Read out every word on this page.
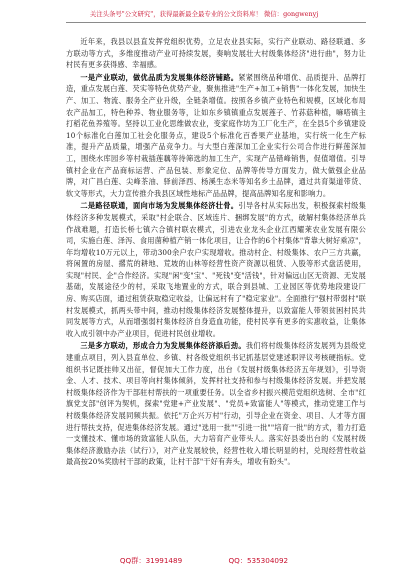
关注头条号"公文研究"，获得最新最全最专业的公文资料库！ 微信：gongwenyj

近年来，我县以县直发挥党组织优势，立足农业县实际，实行产业联动、路径联通、多方联动等方式，多维度推动产业可持续发展，奏响发展壮大村级集体经济"进行曲"，努力让村民有更多获得感、幸福感。

一是产业联动，做优品质为发展集体经济铺路。紧紧围绕品种增优、品质提升、品牌打造，重点发展白莲、芡实等特色优势产业，聚焦推进"生产+加工+销售"一体化发展，加快生产、加工、物流、服务全产业升级，全链条增值。按照各乡镇产业特色和规模，区域化布局农产品加工，特色种养、物业服务等，让如东乡镇镇重点发展莲子、竹荪菇种植，嘛嗒镇主打稻花鱼养殖等。坚持以工业化思维做农业，变家庭作坊为工厂化生产，在全县5个乡镇建设10个标准化白莲加工社会化服务点，建设5个标准化百香果产业基地，实行统一化生产标准，提升产品质量，增强产品竞争力。与大型白莲深加工企业实行公司合作进行鲜莲深加工，围绕水库园乡等村栽插莲藕等待筛选的加工生产，实现产品错峰销售，促值增值。引导镇村企业在产品商标运营、产品包装、形象定位、品牌等传导方面发力，做大做强企业品牌，对广昌白莲、尖峰茶油、驿前泽西、杨溪生态米等知名乡土品牌，通过共育渠道带货、软文等形式，大力宣传推介我县区域性地标产品品牌，提高品牌知名度和影响力。

二是路径联通，面向市场为发展集体经济壮骨。引导各村从实际出发，积极探索村级集体经济多种发展模式，采取"村企联合、区域连片、捆绑发展"的方式，破解村集体经济单兵作战难题，打造长桥七镇六合镇村联农模式，引进农业龙头企业江西耀莱农业发展有限公司，实施白莲、泽泻、食用菌种植产销一体化项目，让合作的6个村集体"背靠大树好乘凉"，年均增收10万元以上，带动300余户农户实现增收。推动村企、村级集体、农户三方共赢，将闲置的房屋、撂荒的耕地、荒坡的山林等经营性资产资源以租赁、入股等形式盘活使用，实现"村民、企"合作经济。实现"闲"变"宝"、"死钱"变"活钱"，针对偏远山区无资源、无发展基础，发展途径少的村，采取飞地置业的方式，联合到县城、工业园区等优势地段建设厂房、购买店面，通过租赁获取稳定收益，让偏远村有了"稳定家业"。全面推行"强村带弱村"联村发展模式，抓两头带中间，推动村级集体经济发展整体提升，以致富能人带领贫困村民共同发展等方式，从而增强弱村集体经济自身造血功能，使村民享有更多的实惠收益，让集体收入成引领中办产业项目，促进村民创业增收。

三是多方联动，形成合力为发展集体经济添后劲。我们将村级集体经济发展列为县级党建重点项目，列入县直单位、乡镇、村各级党组织书记抓基层党建述职评议考核硬指标。党组织书记既挂帅又出征，督促加大工作力度，出台《发展村级集体经济五年规划》，引导资金、人才、技术、项目等向村集体倾斜，发挥村社支持和参与村级集体经济发展。并把发展村级集体经济作为干部驻村帮扶的一项重要任务。以全省乡村振兴模范党组织选树、全市"红旗党支部"创评为契机，探索"党建+产业发展"、"党员+致富能人"等模式，推动党建工作与村级集体经济发展同频共振。依托"万企兴万村"行动，引导企业在资金、项目、人才等方面进行帮扶支持，促进集体经济发展。通过"选用一批""引进一批""培育一批"的方式，着力打造一支懂技术、懂市场的致富能人队伍，大力培育产业带头人。落实好县委出台的《发展村级集体经济激励办法（试行）》，对产业发展较快，经营性收入增长明显的村，兑现经营性收益最高按20%奖励村干部的政策，让村干部"干好有奔头，增收有盼头"。

QQ群：31991489	QQ：535304092
